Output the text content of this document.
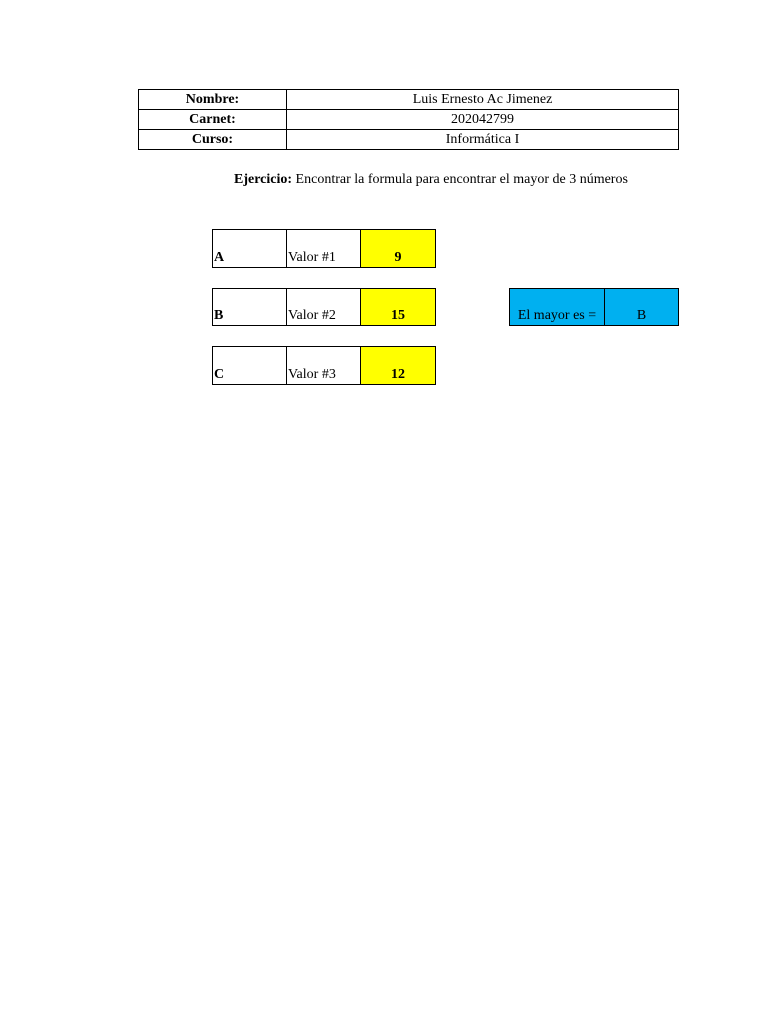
Nombre:	Luis Ernesto Ac Jimenez
Carnet:	202042799
Curso:	Informática I
Ejercicio: Encontrar la formula para encontrar el mayor de 3 números
A	Valor #1	9
B	Valor #2	15	El mayor es =	B
C	Valor #3	12
